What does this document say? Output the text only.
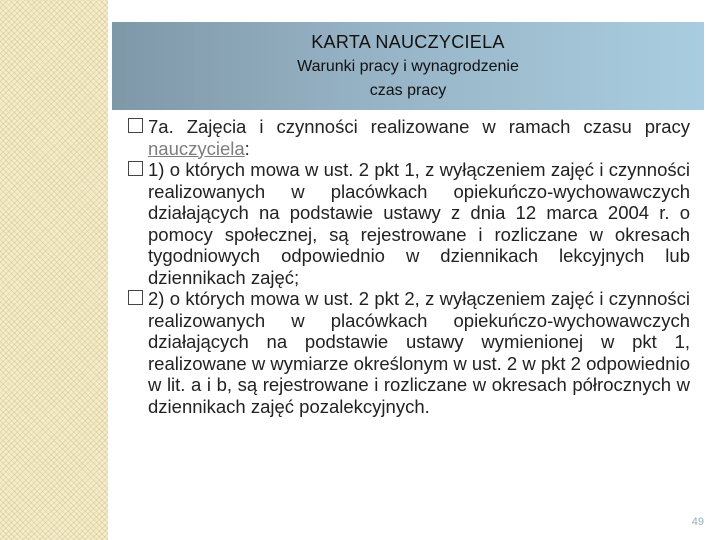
KARTA NAUCZYCIELA
Warunki pracy i wynagrodzenie
czas pracy

7a. Zajęcia i czynności realizowane w ramach czasu pracy nauczyciela:

1) o których mowa w ust. 2 pkt 1, z wyłączeniem zajęć i czynności realizowanych w placówkach opiekuńczo-wychowawczych działających na podstawie ustawy z dnia 12 marca 2004 r. o pomocy społecznej, są rejestrowane i rozliczane w okresach tygodniowych odpowiednio w dziennikach lekcyjnych lub dziennikach zajęć;

2) o których mowa w ust. 2 pkt 2, z wyłączeniem zajęć i czynności realizowanych w placówkach opiekuńczo-wychowawczych działających na podstawie ustawy wymienionej w pkt 1, realizowane w wymiarze określonym w ust. 2 w pkt 2 odpowiednio w lit. a i b, są rejestrowane i rozliczane w okresach półrocznych w dziennikach zajęć pozalekcyjnych.

49
